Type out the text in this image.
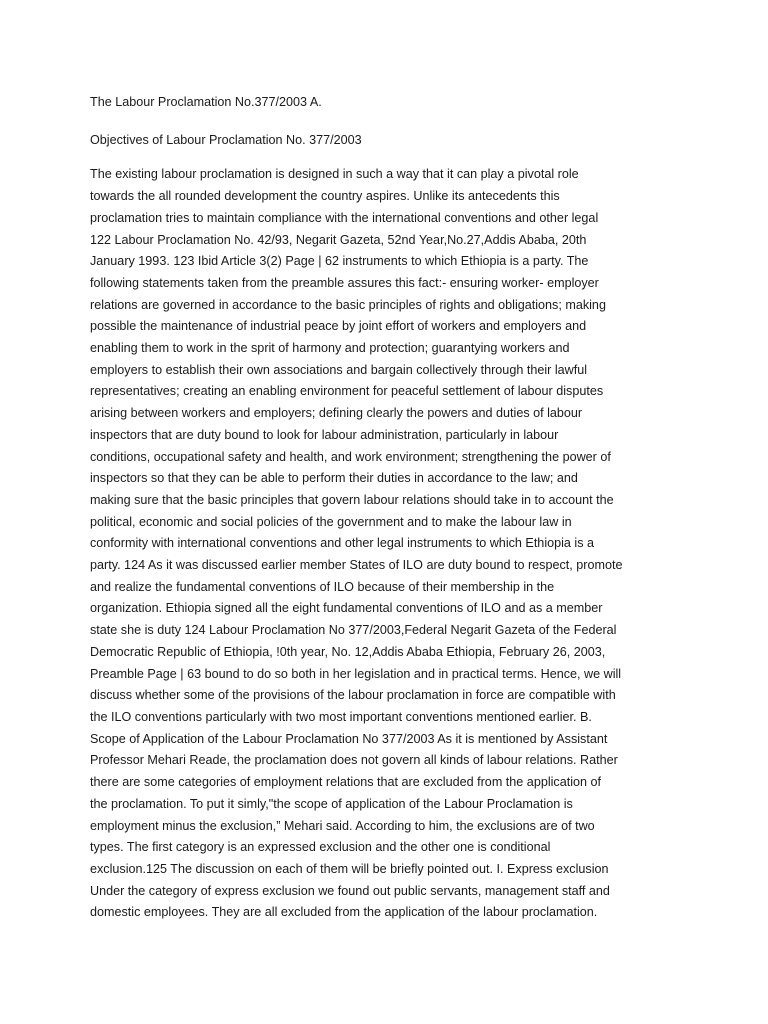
The Labour Proclamation No.377/2003 A.

Objectives of Labour Proclamation No. 377/2003

The existing labour proclamation is designed in such a way that it can play a pivotal role
towards the all rounded development the country aspires. Unlike its antecedents this
proclamation tries to maintain compliance with the international conventions and other legal
122 Labour Proclamation No. 42/93, Negarit Gazeta, 52nd Year,No.27,Addis Ababa, 20th
January 1993. 123 Ibid Article 3(2) Page | 62 instruments to which Ethiopia is a party. The
following statements taken from the preamble assures this fact:- ensuring worker- employer
relations are governed in accordance to the basic principles of rights and obligations; making
possible the maintenance of industrial peace by joint effort of workers and employers and
enabling them to work in the sprit of harmony and protection; guarantying workers and
employers to establish their own associations and bargain collectively through their lawful
representatives; creating an enabling environment for peaceful settlement of labour disputes
arising between workers and employers; defining clearly the powers and duties of labour
inspectors that are duty bound to look for labour administration, particularly in labour
conditions, occupational safety and health, and work environment; strengthening the power of
inspectors so that they can be able to perform their duties in accordance to the law; and
making sure that the basic principles that govern labour relations should take in to account the
political, economic and social policies of the government and to make the labour law in
conformity with international conventions and other legal instruments to which Ethiopia is a
party. 124 As it was discussed earlier member States of ILO are duty bound to respect, promote
and realize the fundamental conventions of ILO because of their membership in the
organization. Ethiopia signed all the eight fundamental conventions of ILO and as a member
state she is duty 124 Labour Proclamation No 377/2003,Federal Negarit Gazeta of the Federal
Democratic Republic of Ethiopia, !0th year, No. 12,Addis Ababa Ethiopia, February 26, 2003,
Preamble Page | 63 bound to do so both in her legislation and in practical terms. Hence, we will
discuss whether some of the provisions of the labour proclamation in force are compatible with
the ILO conventions particularly with two most important conventions mentioned earlier. B.
Scope of Application of the Labour Proclamation No 377/2003 As it is mentioned by Assistant
Professor Mehari Reade, the proclamation does not govern all kinds of labour relations. Rather
there are some categories of employment relations that are excluded from the application of
the proclamation. To put it simly,"the scope of application of the Labour Proclamation is
employment minus the exclusion,” Mehari said. According to him, the exclusions are of two
types. The first category is an expressed exclusion and the other one is conditional
exclusion.125 The discussion on each of them will be briefly pointed out. I. Express exclusion
Under the category of express exclusion we found out public servants, management staff and
domestic employees. They are all excluded from the application of the labour proclamation.
